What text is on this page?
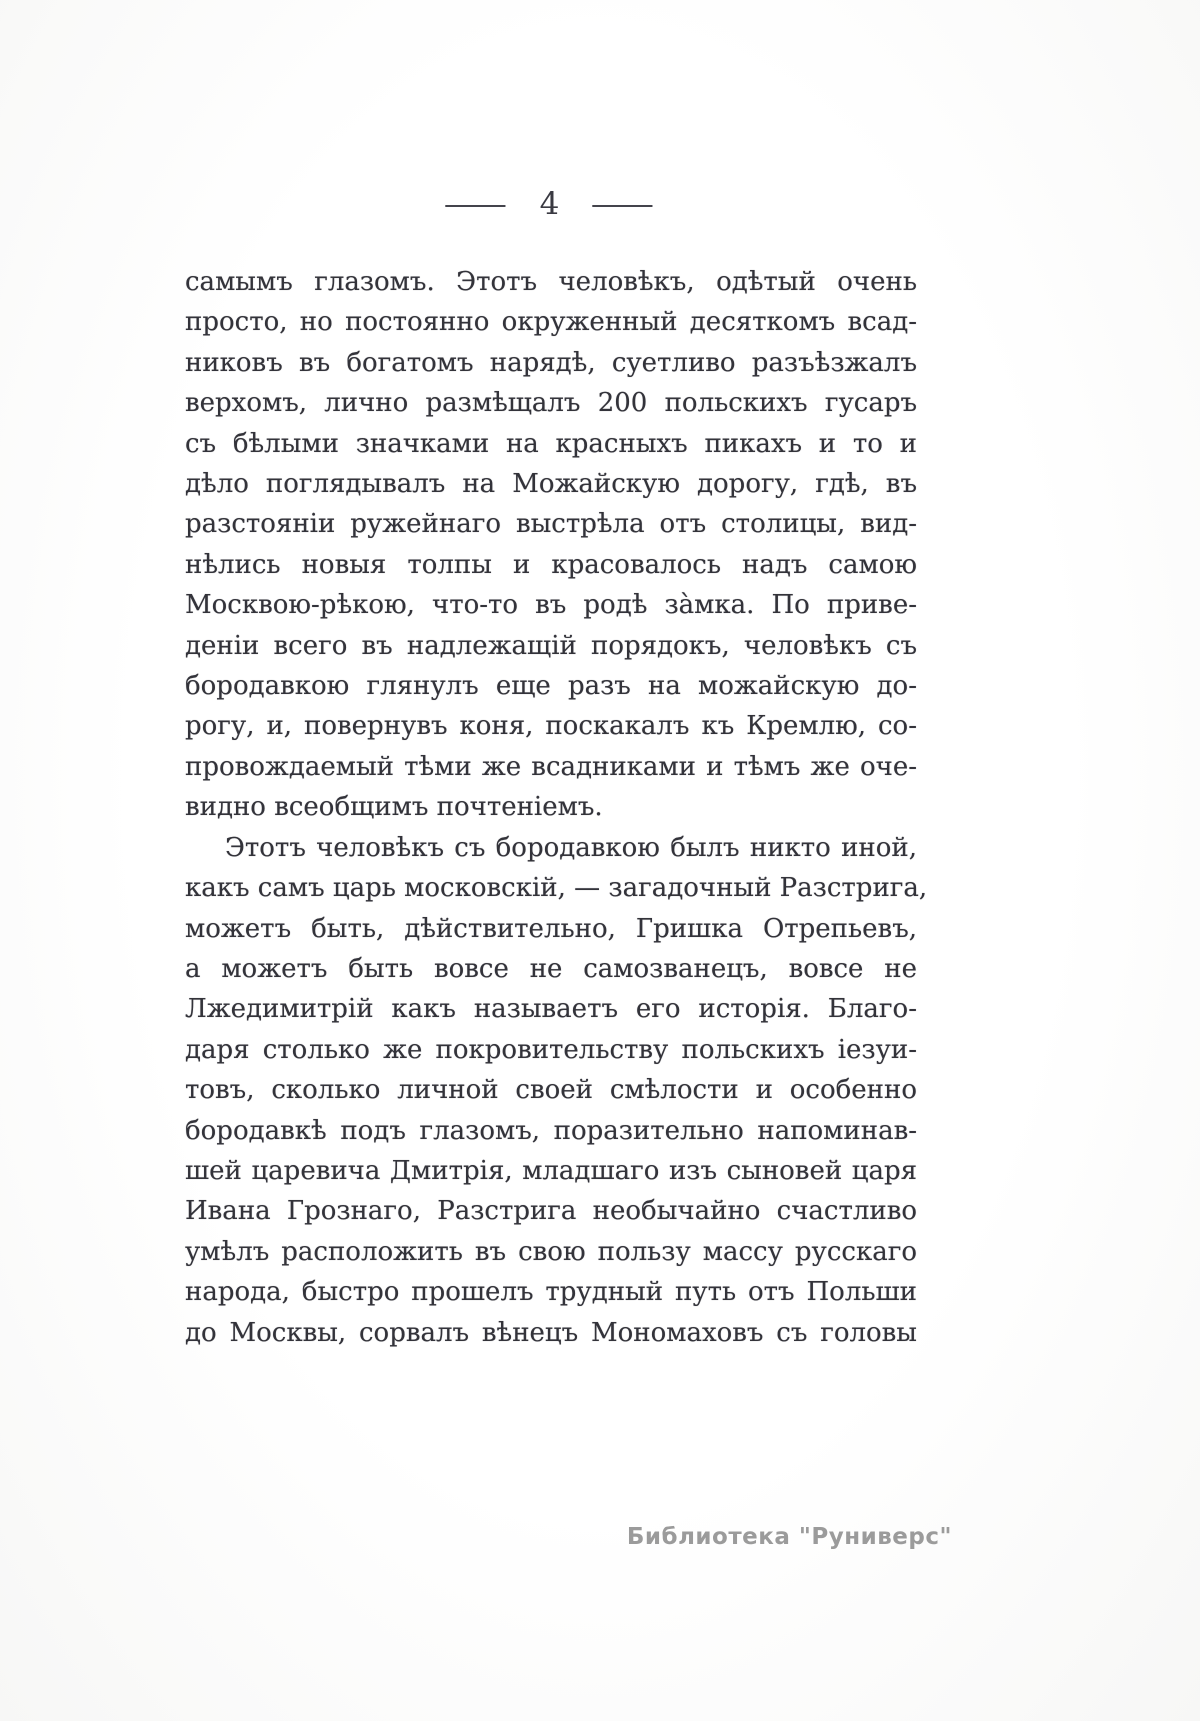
— 4 —
самымъ глазомъ. Этотъ человѣкъ, одѣтый очень
просто, но постоянно окруженный десяткомъ всад-
никовъ въ богатомъ нарядѣ, суетливо разъѣзжалъ
верхомъ, лично размѣщалъ 200 польскихъ гусаръ
съ бѣлыми значками на красныхъ пикахъ и то и
дѣло поглядывалъ на Можайскую дорогу, гдѣ, въ
разстояніи ружейнаго выстрѣла отъ столицы, вид-
нѣлись новыя толпы и красовалось надъ самою
Москвою-рѣкою, что-то въ родѣ за̀мка. По приве-
деніи всего въ надлежащій порядокъ, человѣкъ съ
бородавкою глянулъ еще разъ на можайскую до-
рогу, и, повернувъ коня, поскакалъ къ Кремлю, со-
провождаемый тѣми же всадниками и тѣмъ же оче-
видно всеобщимъ почтеніемъ.
Этотъ человѣкъ съ бородавкою былъ никто иной,
какъ самъ царь московскій, — загадочный Разстрига,
можетъ быть, дѣйствительно, Гришка Отрепьевъ,
а можетъ быть вовсе не самозванецъ, вовсе не
Лжедимитрій какъ называетъ его исторія. Благо-
даря столько же покровительству польскихъ іезуи-
товъ, сколько личной своей смѣлости и особенно
бородавкѣ подъ глазомъ, поразительно напоминав-
шей царевича Дмитрія, младшаго изъ сыновей царя
Ивана Грознаго, Разстрига необычайно счастливо
умѣлъ расположить въ свою пользу массу русскаго
народа, быстро прошелъ трудный путь отъ Польши
до Москвы, сорвалъ вѣнецъ Мономаховъ съ головы
Библиотека "Руниверс"
